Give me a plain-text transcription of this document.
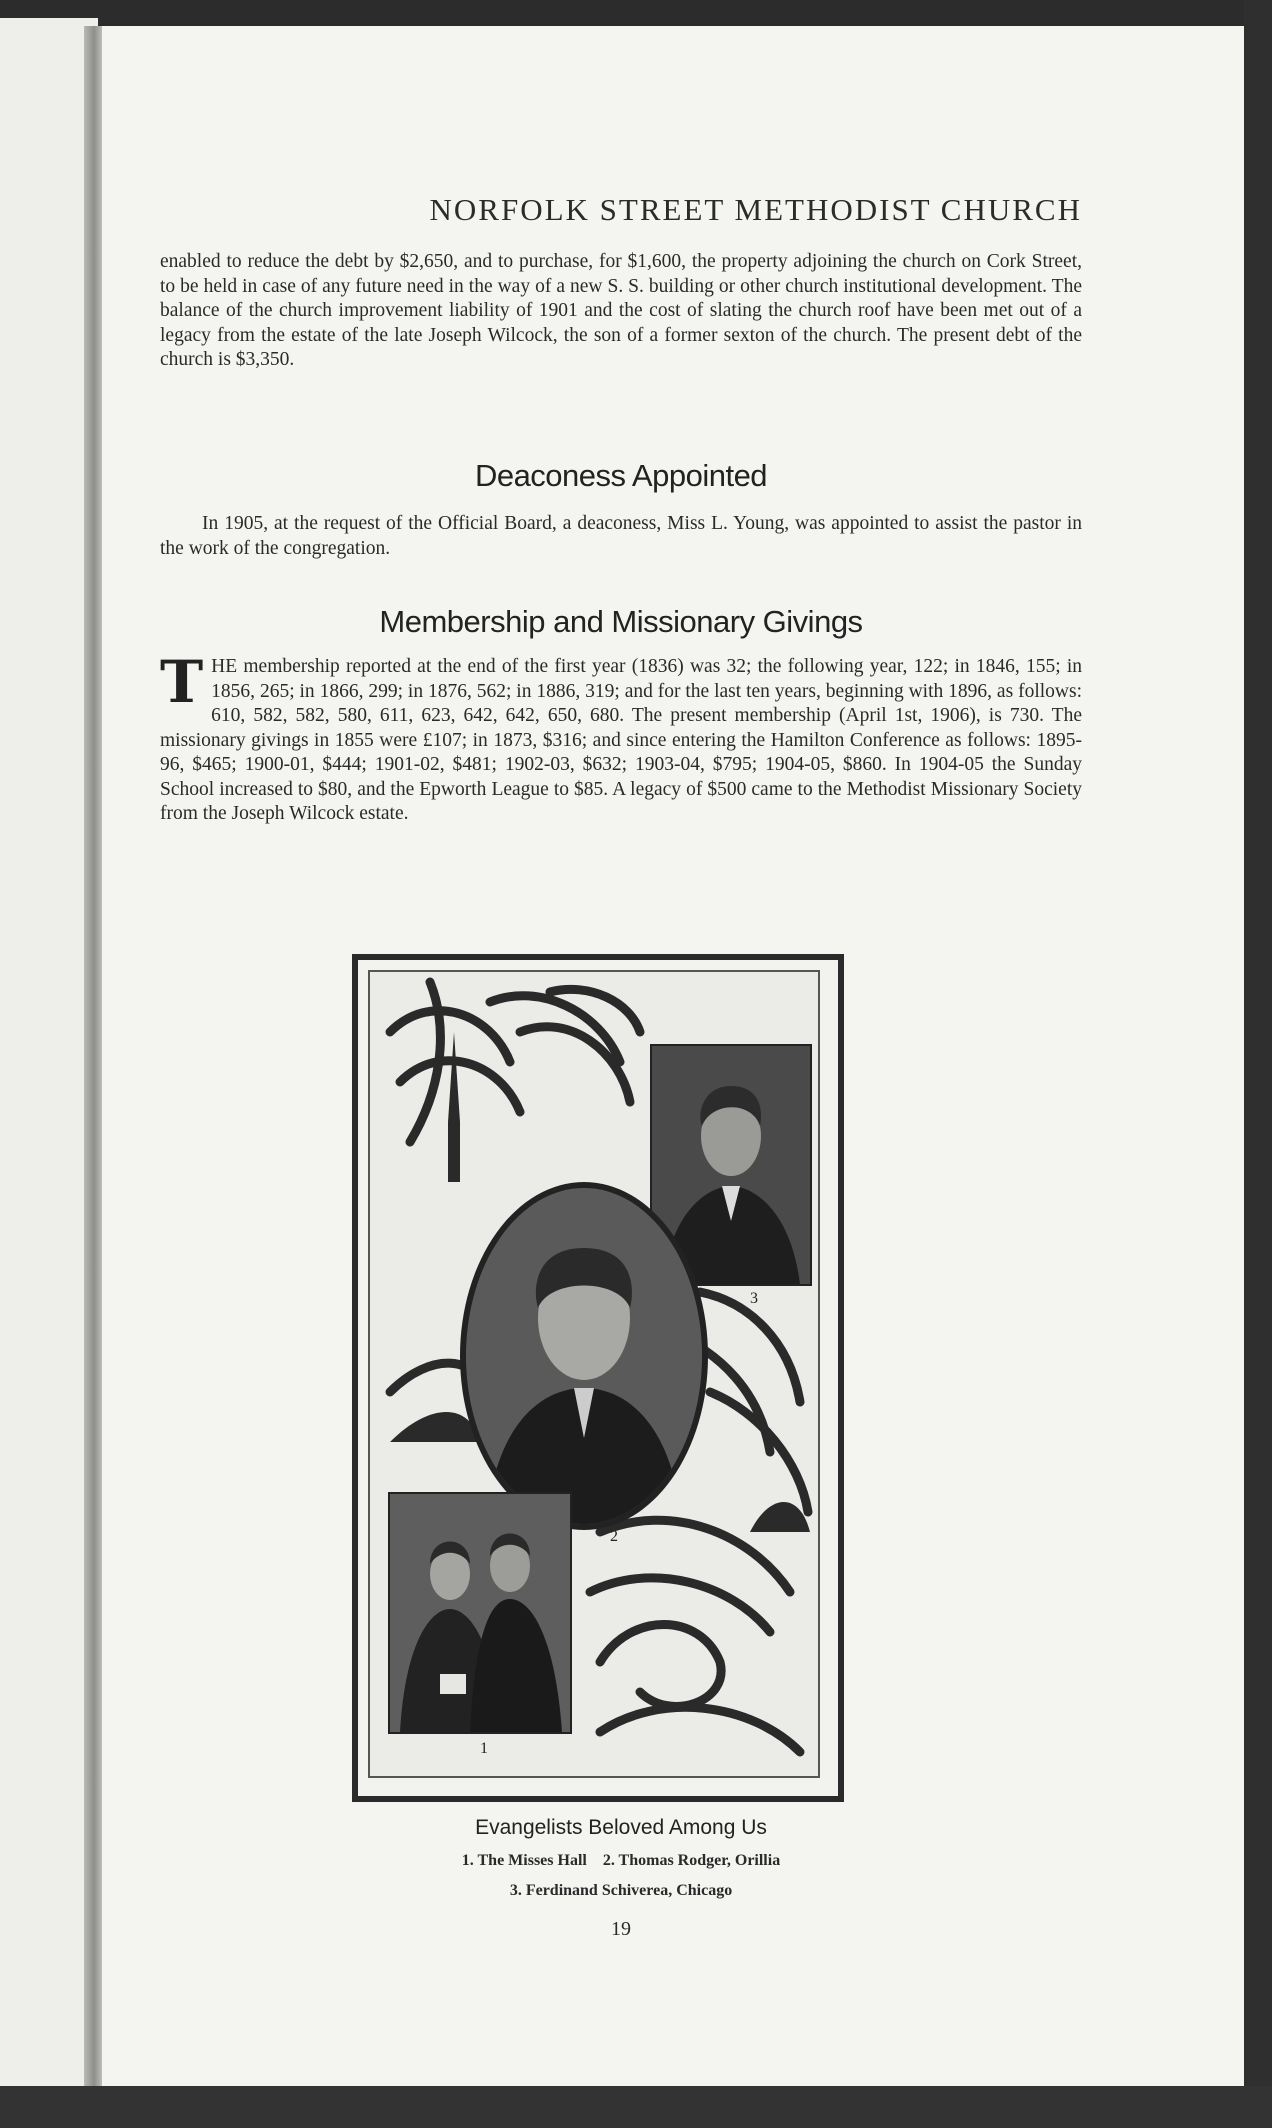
NORFOLK STREET METHODIST CHURCH
enabled to reduce the debt by $2,650, and to purchase, for $1,600, the property adjoining the church on Cork Street, to be held in case of any future need in the way of a new S. S. building or other church institutional development. The balance of the church improvement liability of 1901 and the cost of slating the church roof have been met out of a legacy from the estate of the late Joseph Wilcock, the son of a former sexton of the church. The present debt of the church is $3,350.
Deaconess Appointed
In 1905, at the request of the Official Board, a deaconess, Miss L. Young, was appointed to assist the pastor in the work of the congregation.
Membership and Missionary Givings
THE membership reported at the end of the first year (1836) was 32; the following year, 122; in 1846, 155; in 1856, 265; in 1866, 299; in 1876, 562; in 1886, 319; and for the last ten years, beginning with 1896, as follows: 610, 582, 582, 580, 611, 623, 642, 642, 650, 680. The present membership (April 1st, 1906), is 730. The missionary givings in 1855 were £107; in 1873, $316; and since entering the Hamilton Conference as follows: 1895-96, $465; 1900-01, $444; 1901-02, $481; 1902-03, $632; 1903-04, $795; 1904-05, $860. In 1904-05 the Sunday School increased to $80, and the Epworth League to $85. A legacy of $500 came to the Methodist Missionary Society from the Joseph Wilcock estate.
3
2
1
Evangelists Beloved Among Us
1. The Misses Hall    2. Thomas Rodger, Orillia
3. Ferdinand Schiverea, Chicago
19
